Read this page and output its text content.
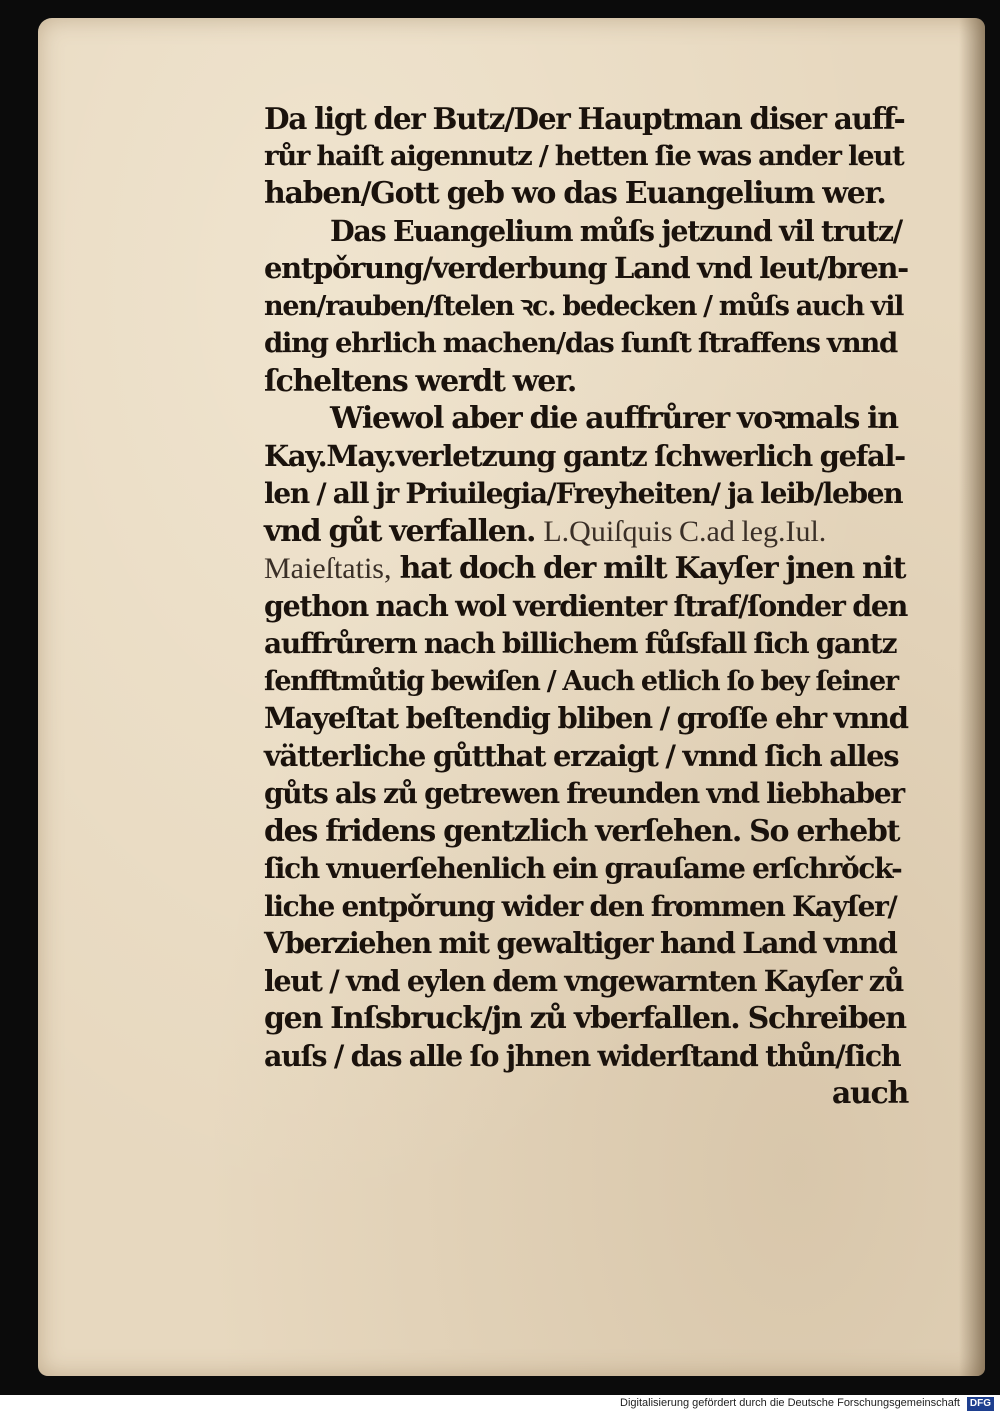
Da ligt der Butz/Der Hauptman diser auff-
růr haiſt aigennutz / hetten ſie was ander leut
haben/Gott geb wo das Euangelium wer.
Das Euangelium můſs jetzund vil trutz/
entpǒrung/verderbung Land vnd leut/bren-
nen/rauben/ſtelen ꝛc. bedecken / můſs auch vil
ding ehrlich machen/das ſunſt ſtraffens vnnd
ſcheltens werdt wer.
Wiewol aber die auffrůrer voꝛmals in
Kay.May.verletzung gantz ſchwerlich gefal-
len / all jr Priuilegia/Freyheiten/ ja leib/leben
vnd gůt verfallen. L.Quiſquis C.ad leg.Iul.
Maieſtatis, hat doch der milt Kayſer jnen nit
gethon nach wol verdienter ſtraf/ſonder den
auffrůrern nach billichem fůſsfall ſich gantz
ſenfftmůtig bewiſen / Auch etlich ſo bey ſeiner
Mayeſtat beſtendig bliben / groſſe ehr vnnd
vätterliche gůtthat erzaigt / vnnd ſich alles
gůts als zů getrewen freunden vnd liebhaber
des fridens gentzlich verſehen. So erhebt
ſich vnuerſehenlich ein grauſame erſchrǒck-
liche entpǒrung wider den frommen Kayſer/
Vberziehen mit gewaltiger hand Land vnnd
leut / vnd eylen dem vngewarnten Kayſer zů
gen Inſsbruck/jn zů vberfallen. Schreiben
auſs / das alle ſo jhnen widerſtand thůn/ſich
auch
Digitalisierung gefördert durch die Deutsche Forschungsgemeinschaft DFG
